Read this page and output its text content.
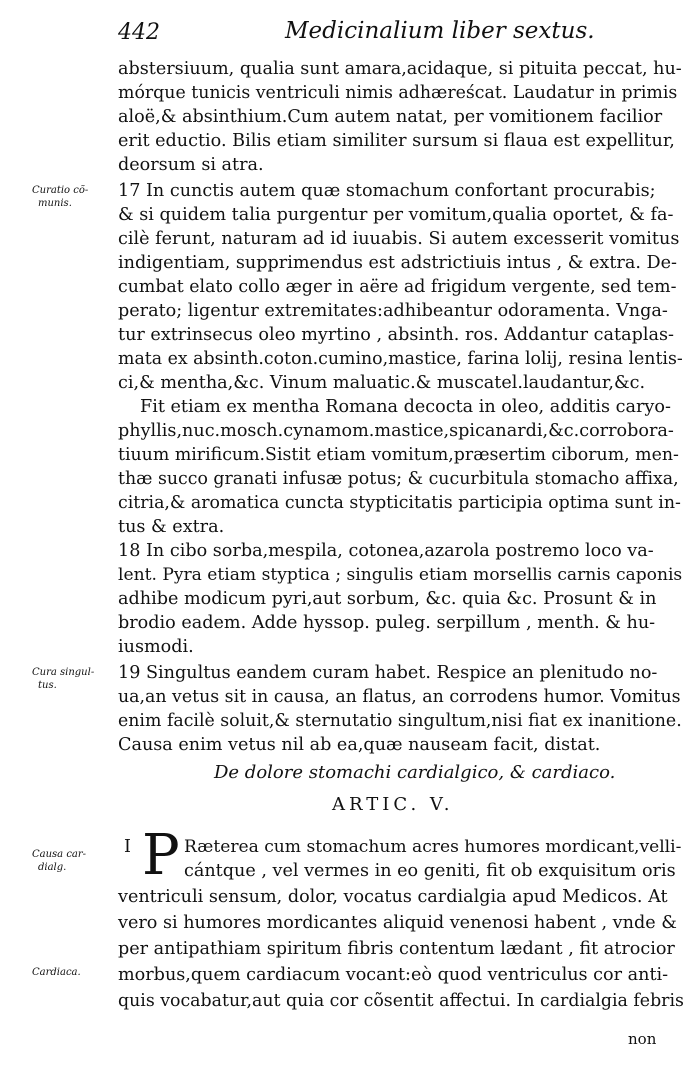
442	Medicinalium liber sextus.
abstersiuum, qualia sunt amara,acidaque, si pituita peccat, hu-
mórque tunicis ventriculi nimis adhæreścat. Laudatur in primis
aloë,& absinthium.Cum autem natat, per vomitionem facilior
erit eductio. Bilis etiam similiter sursum si flaua est expellitur,
deorsum si atra.
17 In cunctis autem quæ stomachum confortant procurabis;
& si quidem talia purgentur per vomitum,qualia oportet, & fa-
cilè ferunt, naturam ad id iuuabis. Si autem excesserit vomitus
indigentiam, supprimendus est adstrictiuis intus , & extra. De-
cumbat elato collo æger in aëre ad frigidum vergente, sed tem-
perato; ligentur extremitates:adhibeantur odoramenta. Vnga-
tur extrinsecus oleo myrtino , absinth. ros. Addantur cataplas-
mata ex absinth.coton.cumino,mastice, farina lolij, resina lentis-
ci,& mentha,&c. Vinum maluatic.& muscatel.laudantur,&c.
Fit etiam ex mentha Romana decocta in oleo, additis caryo-
phyllis,nuc.mosch.cynamom.mastice,spicanardi,&c.corrobora-
tiuum mirificum.Sistit etiam vomitum,præsertim ciborum, men-
thæ succo granati infusæ potus; & cucurbitula stomacho affixa,
citria,& aromatica cuncta stypticitatis participia optima sunt in-
tus & extra.
18 In cibo sorba,mespila, cotonea,azarola postremo loco va-
lent. Pyra etiam styptica ; singulis etiam morsellis carnis caponis
adhibe modicum pyri,aut sorbum, &c. quia &c. Prosunt & in
brodio eadem. Adde hyssop. puleg. serpillum , menth. & hu-
iusmodi.
19 Singultus eandem curam habet. Respice an plenitudo no-
ua,an vetus sit in causa, an flatus, an corrodens humor. Vomitus
enim facilè soluit,& sternutatio singultum,nisi fiat ex inanitione.
Causa enim vetus nil ab ea,quæ nauseam facit, distat.
De dolore stomachi cardialgico, & cardiaco.
ARTIC. V.
I P Ræterea cum stomachum acres humores mordicant,velli-
cántque , vel vermes in eo geniti, fit ob exquisitum oris
ventriculi sensum, dolor, vocatus cardialgia apud Medicos. At
vero si humores mordicantes aliquid venenosi habent , vnde &
per antipathiam spiritum fibris contentum lædant , fit atrocior
morbus,quem cardiacum vocant:eò quod ventriculus cor anti-
quis vocabatur,aut quia cor cõsentit affectui. In cardialgia febris
non
Curatio cõ-
munis.
Cura singul-
tus.
Causa car-
dialg.
Cardiaca.
